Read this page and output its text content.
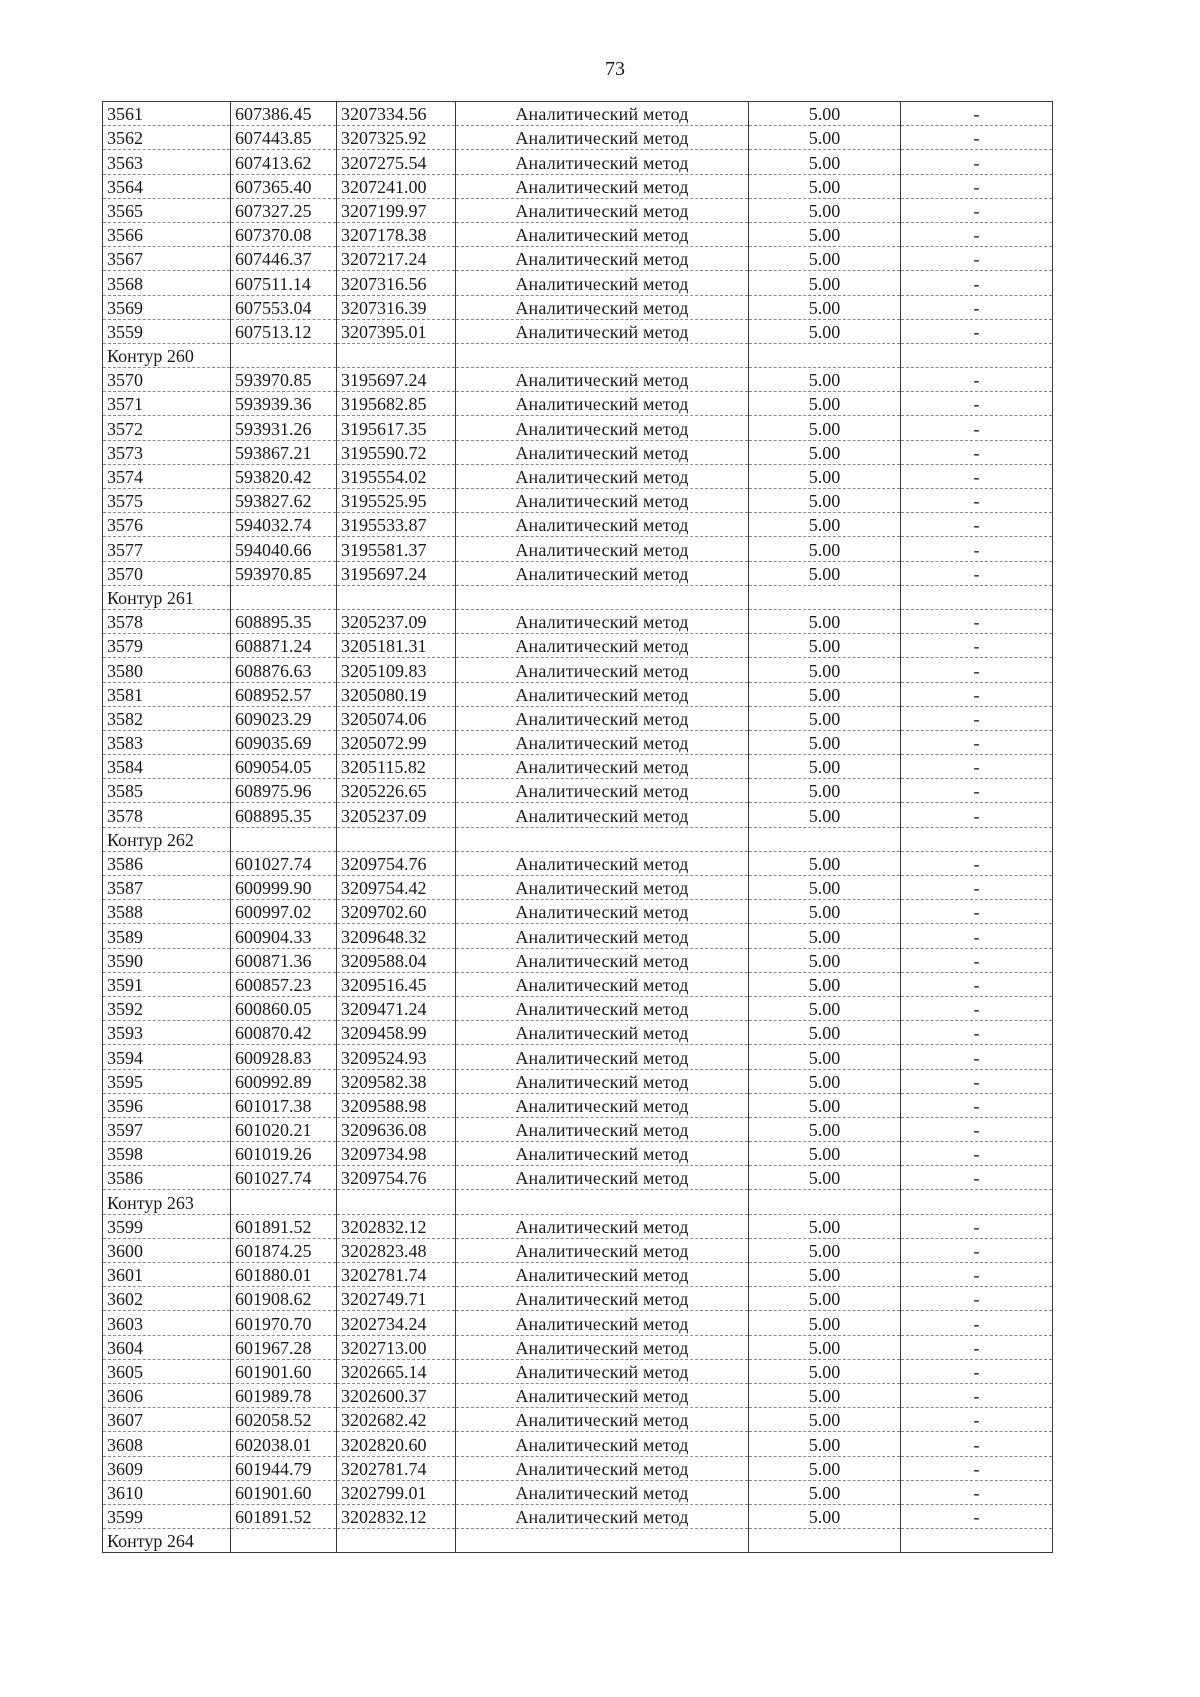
73
3561	607386.45	3207334.56	Аналитический метод	5.00	-
3562	607443.85	3207325.92	Аналитический метод	5.00	-
3563	607413.62	3207275.54	Аналитический метод	5.00	-
3564	607365.40	3207241.00	Аналитический метод	5.00	-
3565	607327.25	3207199.97	Аналитический метод	5.00	-
3566	607370.08	3207178.38	Аналитический метод	5.00	-
3567	607446.37	3207217.24	Аналитический метод	5.00	-
3568	607511.14	3207316.56	Аналитический метод	5.00	-
3569	607553.04	3207316.39	Аналитический метод	5.00	-
3559	607513.12	3207395.01	Аналитический метод	5.00	-
Контур 260					
3570	593970.85	3195697.24	Аналитический метод	5.00	-
3571	593939.36	3195682.85	Аналитический метод	5.00	-
3572	593931.26	3195617.35	Аналитический метод	5.00	-
3573	593867.21	3195590.72	Аналитический метод	5.00	-
3574	593820.42	3195554.02	Аналитический метод	5.00	-
3575	593827.62	3195525.95	Аналитический метод	5.00	-
3576	594032.74	3195533.87	Аналитический метод	5.00	-
3577	594040.66	3195581.37	Аналитический метод	5.00	-
3570	593970.85	3195697.24	Аналитический метод	5.00	-
Контур 261					
3578	608895.35	3205237.09	Аналитический метод	5.00	-
3579	608871.24	3205181.31	Аналитический метод	5.00	-
3580	608876.63	3205109.83	Аналитический метод	5.00	-
3581	608952.57	3205080.19	Аналитический метод	5.00	-
3582	609023.29	3205074.06	Аналитический метод	5.00	-
3583	609035.69	3205072.99	Аналитический метод	5.00	-
3584	609054.05	3205115.82	Аналитический метод	5.00	-
3585	608975.96	3205226.65	Аналитический метод	5.00	-
3578	608895.35	3205237.09	Аналитический метод	5.00	-
Контур 262					
3586	601027.74	3209754.76	Аналитический метод	5.00	-
3587	600999.90	3209754.42	Аналитический метод	5.00	-
3588	600997.02	3209702.60	Аналитический метод	5.00	-
3589	600904.33	3209648.32	Аналитический метод	5.00	-
3590	600871.36	3209588.04	Аналитический метод	5.00	-
3591	600857.23	3209516.45	Аналитический метод	5.00	-
3592	600860.05	3209471.24	Аналитический метод	5.00	-
3593	600870.42	3209458.99	Аналитический метод	5.00	-
3594	600928.83	3209524.93	Аналитический метод	5.00	-
3595	600992.89	3209582.38	Аналитический метод	5.00	-
3596	601017.38	3209588.98	Аналитический метод	5.00	-
3597	601020.21	3209636.08	Аналитический метод	5.00	-
3598	601019.26	3209734.98	Аналитический метод	5.00	-
3586	601027.74	3209754.76	Аналитический метод	5.00	-
Контур 263					
3599	601891.52	3202832.12	Аналитический метод	5.00	-
3600	601874.25	3202823.48	Аналитический метод	5.00	-
3601	601880.01	3202781.74	Аналитический метод	5.00	-
3602	601908.62	3202749.71	Аналитический метод	5.00	-
3603	601970.70	3202734.24	Аналитический метод	5.00	-
3604	601967.28	3202713.00	Аналитический метод	5.00	-
3605	601901.60	3202665.14	Аналитический метод	5.00	-
3606	601989.78	3202600.37	Аналитический метод	5.00	-
3607	602058.52	3202682.42	Аналитический метод	5.00	-
3608	602038.01	3202820.60	Аналитический метод	5.00	-
3609	601944.79	3202781.74	Аналитический метод	5.00	-
3610	601901.60	3202799.01	Аналитический метод	5.00	-
3599	601891.52	3202832.12	Аналитический метод	5.00	-
Контур 264					
